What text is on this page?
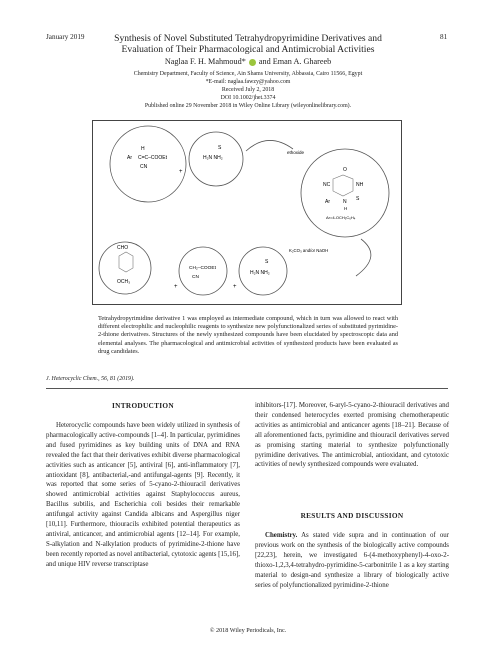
January 2019	81
Synthesis of Novel Substituted Tetrahydropyrimidine Derivatives and
Evaluation of Their Pharmacological and Antimicrobial Activities
Naglaa F. H. Mahmoud* and Eman A. Ghareeb
Chemistry Department, Faculty of Science, Ain Shams University, Abbassia, Cairo 11566, Egypt
*E-mail: naglaa.fawzy@yahoo.com
Received July 2, 2018
DOI 10.1002/jhet.3374
Published online 29 November 2018 in Wiley Online Library (wileyonlinelibrary.com).
H
Ar C=C–COOEt
CN
+
S
H₂N NH₂
ethoxide
O
NC	NH
S
N
H
Ar
Ar=4-OCH₃C₆H₄
K₂CO₃ and/or NaOH
CHO
OCH₃
+
CH₂–COOEt
CN
+
S
H₂N NH₂
Tetrahydropyrimidine derivative 1 was employed as intermediate compound, which in turn was allowed to react with different electrophilic and nucleophilic reagents to synthesize new polyfunctionalized series of substituted pyrimidine-2-thione derivatives. Structures of the newly synthesized compounds have been elucidated by spectroscopic data and elemental analyses. The pharmacological and antimicrobial activities of synthesized products have been evaluated as drug candidates.
J. Heterocyclic Chem., 56, 81 (2019).
INTRODUCTION

Heterocyclic compounds have been widely utilized in synthesis of pharmacologically active-compounds [1–4]. In particular, pyrimidines and fused pyrimidines as key building units of DNA and RNA revealed the fact that their derivatives exhibit diverse pharmacological activities such as anticancer [5], antiviral [6], anti-inflammatory [7], antioxidant [8], antibacterial,-and antifungal-agents [9]. Recently, it was reported that some series of 5-cyano-2-thiouracil derivatives showed antimicrobial activities against Staphylococcus aureus, Bacillus subtilis, and Escherichia coli besides their remarkable antifungal activity against Candida albicans and Aspergillus niger [10,11]. Furthermore, thiouracils exhibited potential therapeutics as antiviral, anticancer, and antimicrobial agents [12–14]. For example, S-alkylation and N-alkylation products of pyrimidine-2-thione have been recently reported as novel antibacterial, cytotoxic agents [15,16], and unique HIV reverse transcriptase

inhibitors-[17]. Moreover, 6-aryl-5-cyano-2-thiouracil derivatives and their condensed heterocycles exerted promising chemotherapeutic activities as antimicrobial and anticancer agents [18–21]. Because of all aforementioned facts, pyrimidine and thiouracil derivatives served as promising starting material to synthesize polyfunctionally pyrimidine derivatives. The antimicrobial, antioxidant, and cytotoxic activities of newly synthesized compounds were evaluated.

RESULTS AND DISCUSSION

Chemistry. As stated vide supra and in continuation of our previous work on the synthesis of the biologically active compounds [22,23], herein, we investigated 6-(4-methoxyphenyl)-4-oxo-2-thioxo-1,2,3,4-tetrahydro-pyrimidine-5-carbonitrile 1 as a key starting material to design-and synthesize a library of biologically active series of polyfunctionalized pyrimidine-2-thione

© 2018 Wiley Periodicals, Inc.
